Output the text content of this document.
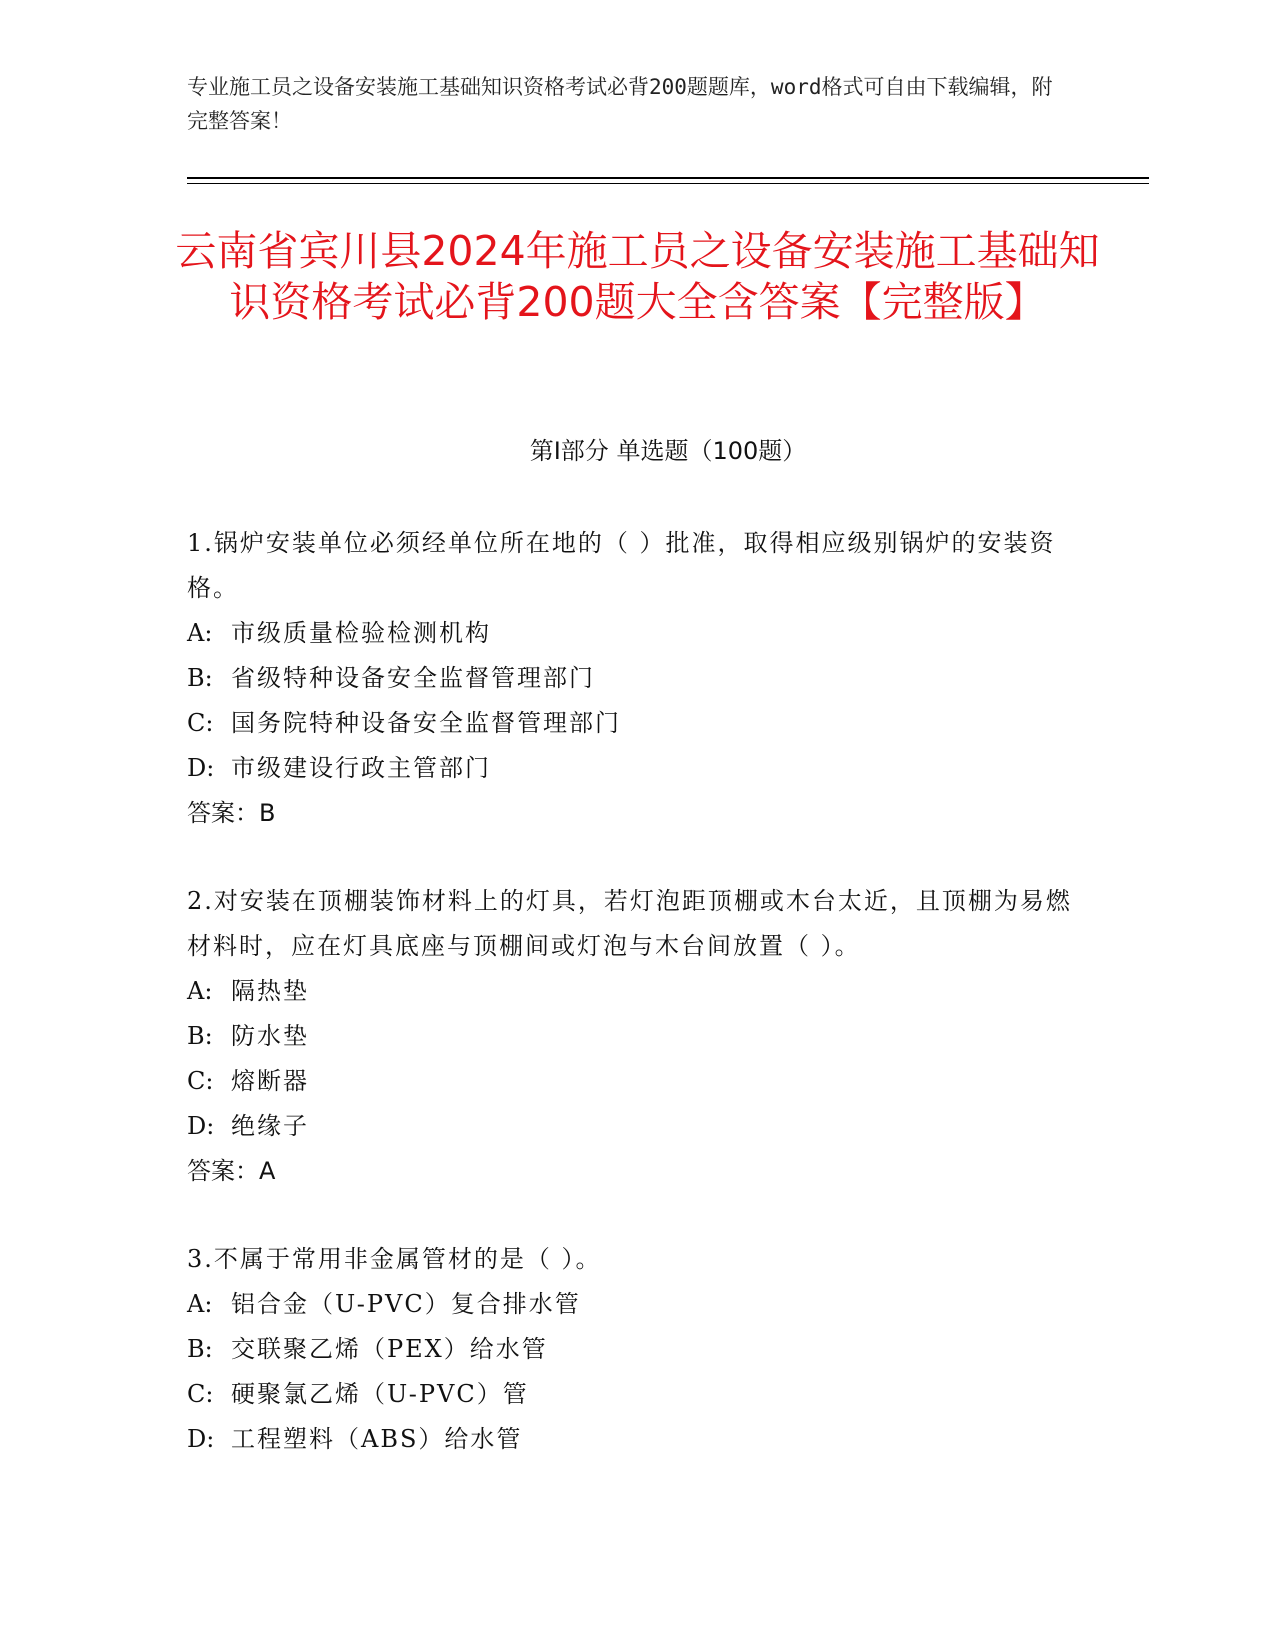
专业施工员之设备安装施工基础知识资格考试必背200题题库，word格式可自由下载编辑，附完整答案！
云南省宾川县2024年施工员之设备安装施工基础知识资格考试必背200题大全含答案【完整版】
第Ⅰ部分 单选题（100题）

1.锅炉安装单位必须经单位所在地的（ ）批准，取得相应级别锅炉的安装资格。

A: 市级质量检验检测机构

B: 省级特种设备安全监督管理部门

C: 国务院特种设备安全监督管理部门

D: 市级建设行政主管部门

答案：B

2.对安装在顶棚装饰材料上的灯具，若灯泡距顶棚或木台太近，且顶棚为易燃材料时，应在灯具底座与顶棚间或灯泡与木台间放置（ ）。

A: 隔热垫

B: 防水垫

C: 熔断器

D: 绝缘子

答案：A

3.不属于常用非金属管材的是（ ）。

A: 铝合金（U-PVC）复合排水管

B: 交联聚乙烯（PEX）给水管

C: 硬聚氯乙烯（U-PVC）管

D: 工程塑料（ABS）给水管
